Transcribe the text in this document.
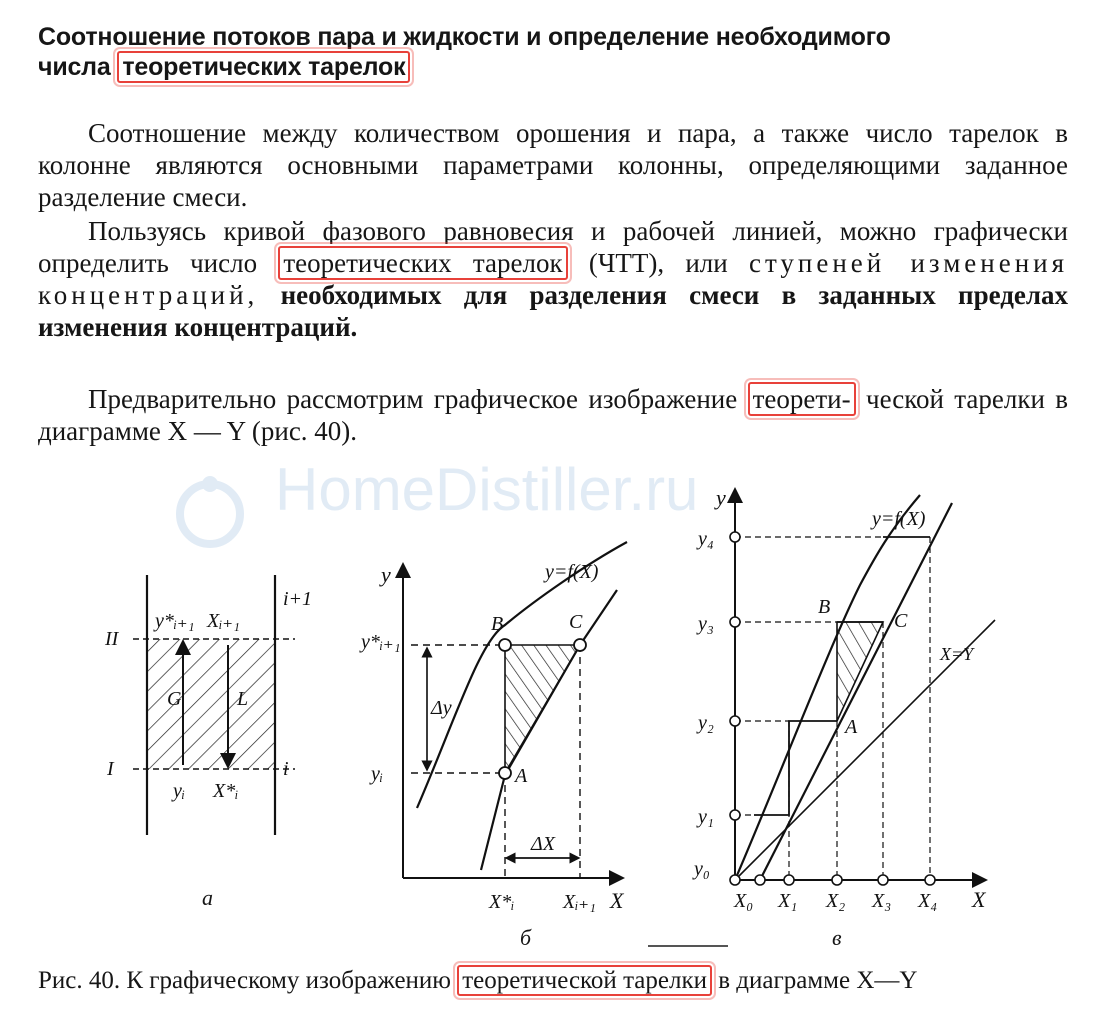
Соотношение потоков пара и жидкости и определение необходимого
числа теоретических тарелок
Соотношение между количеством орошения и пара, а также число тарелок в колонне являются основными параметрами колонны, определяющими заданное разделение смеси.
Пользуясь кривой фазового равновесия и рабочей линией, можно графически определить число теоретических тарелок (ЧТТ), или ступеней изменения концентраций, необходимых для разделения смеси в заданных пределах изменения концентраций.
Предварительно рассмотрим графическое изображение теорети- ческой тарелки в диаграмме X — Y (рис. 40).
HomeDistiller.ru
II
I
y*ᵢ₊₁ Xᵢ₊₁
i+1
i
G	L
yᵢ X*ᵢ
а
y
X
y=f(X)
y*ᵢ₊₁
yᵢ
Δy
ΔX
X*ᵢ Xᵢ₊₁
A
B	C
б
y
X
y=f(X)
X=Y
y₀
y₁
y₂
y₃
y₄
X₀ X₁ X₂ X₃ X₄
A
B
C
в
Рис. 40. К графическому изображению теоретической тарелки в диаграмме X—Y
